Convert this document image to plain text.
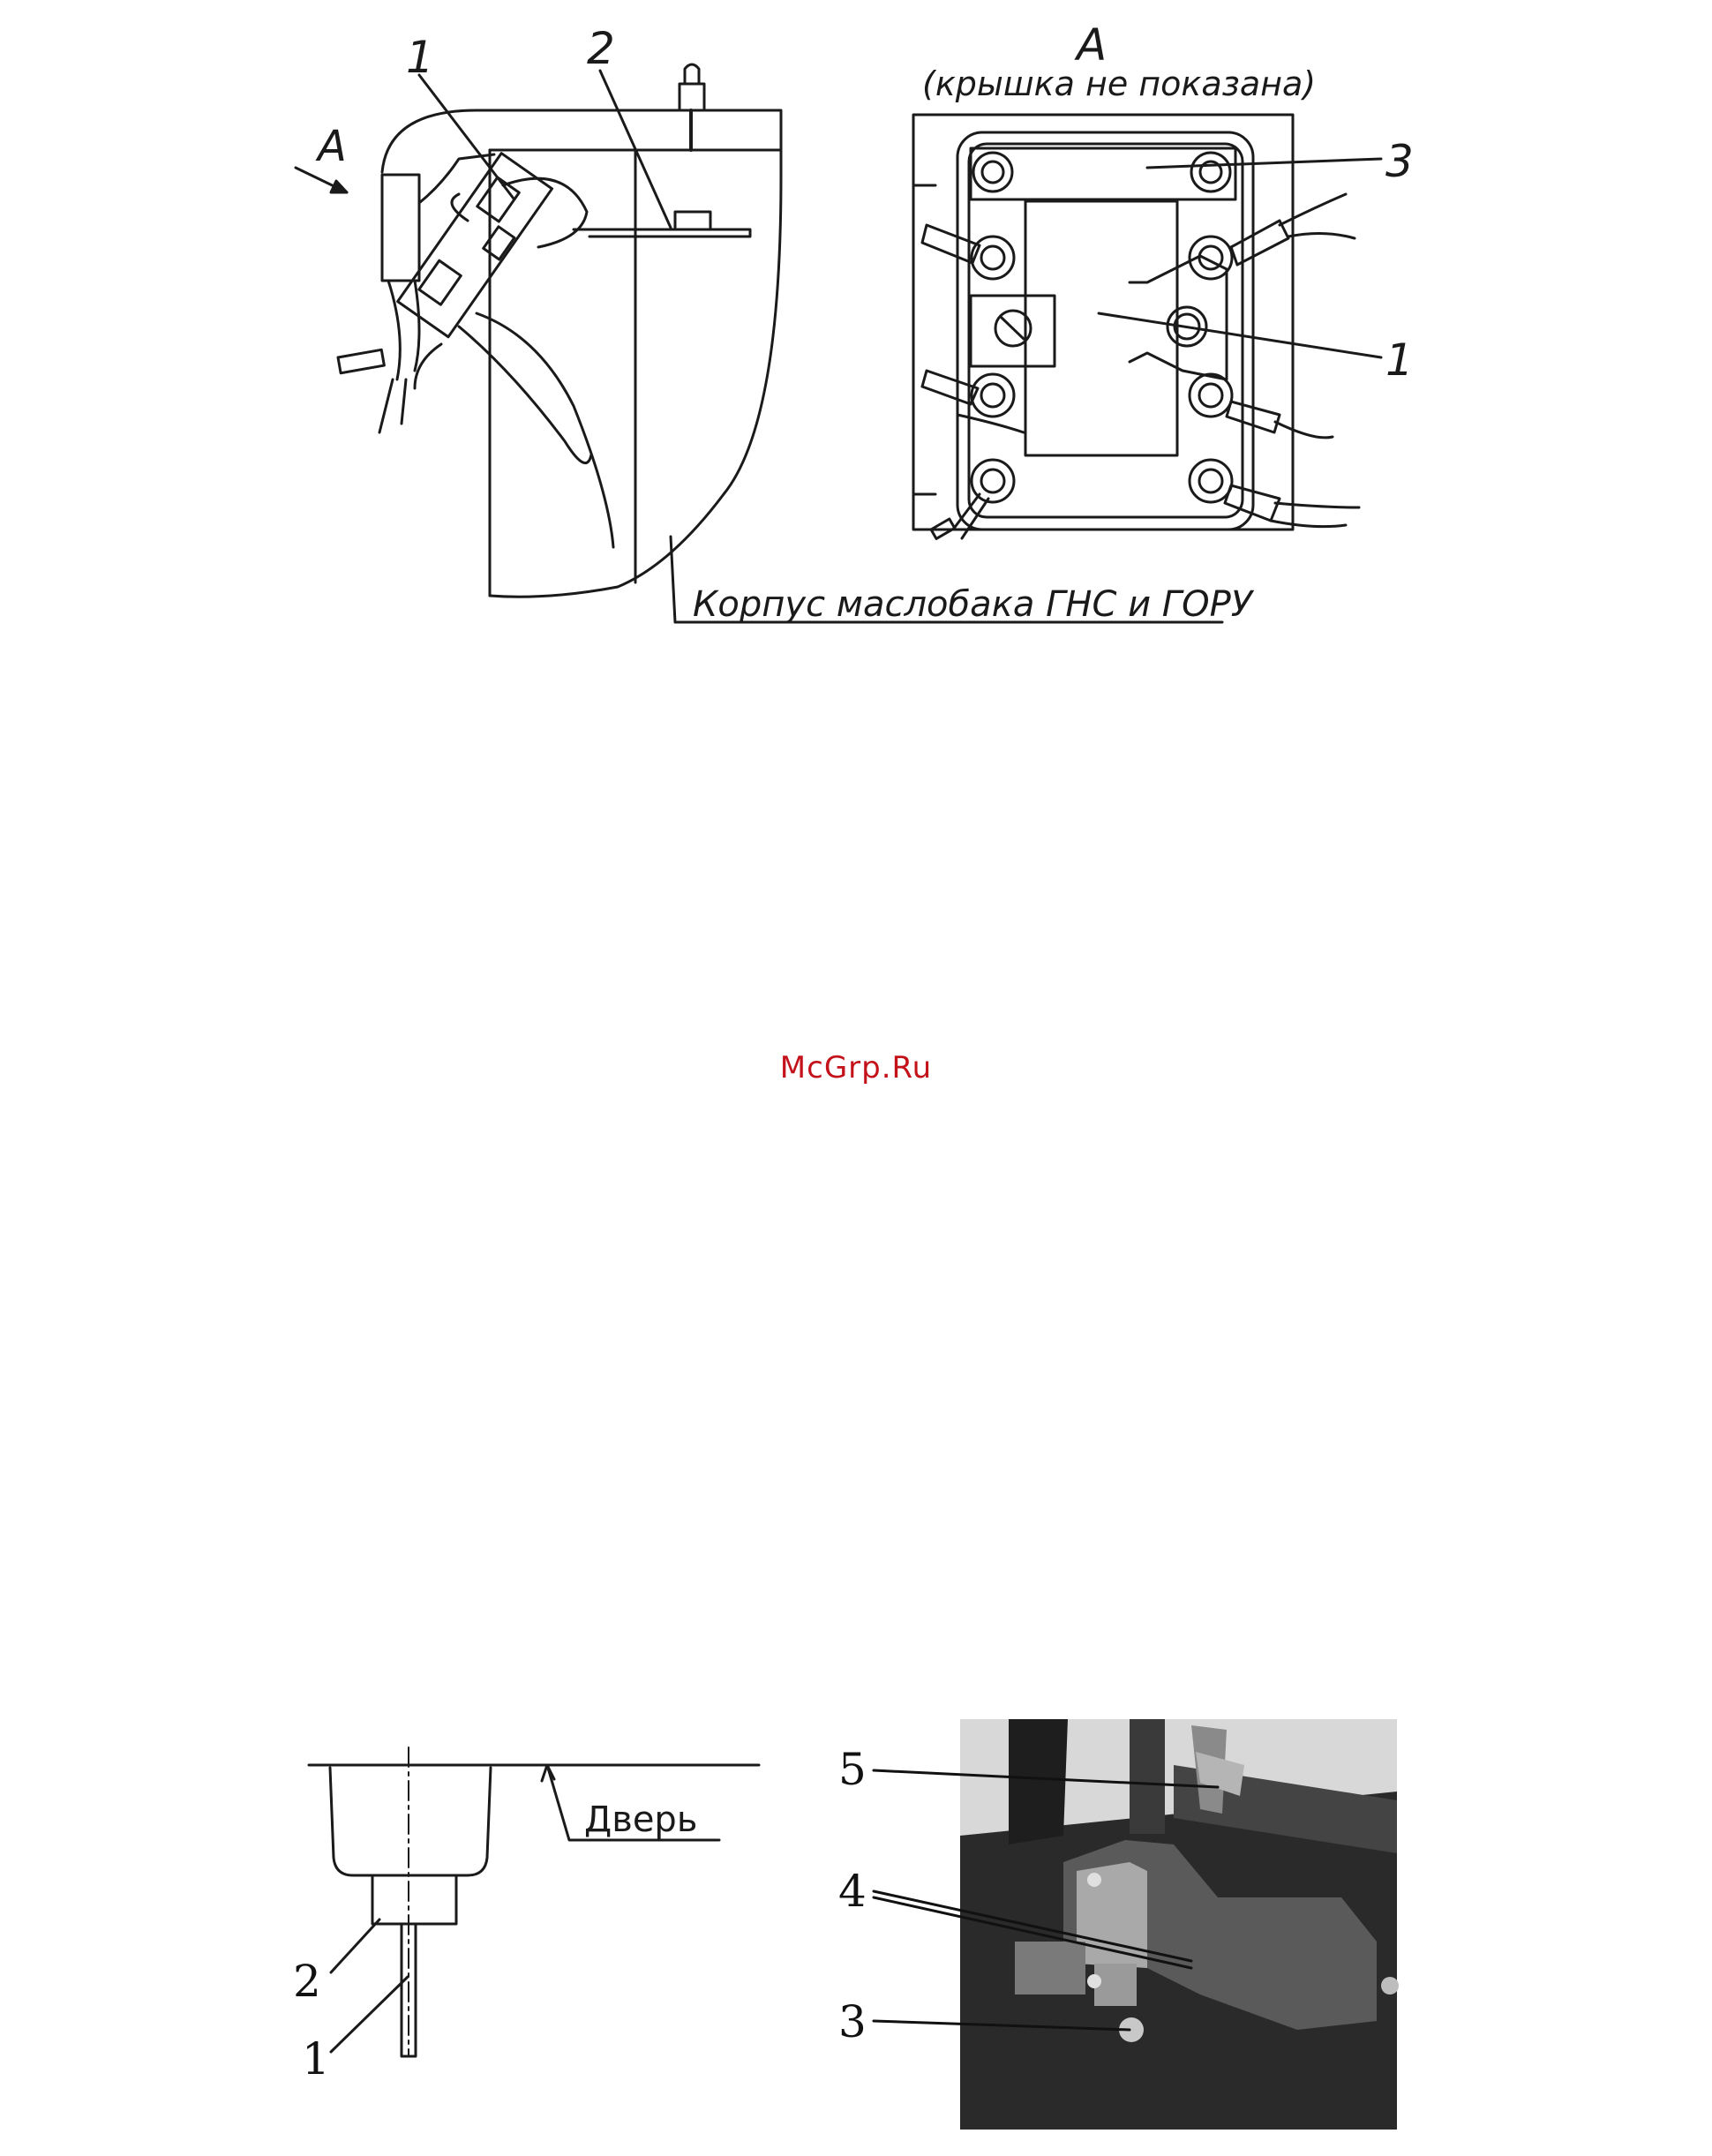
1	2
А
А
(крышка не показана)
3
1
Корпус маслобака ГНС и ГОРУ
Дверь
2
1
5
4
3
McGrp.Ru
